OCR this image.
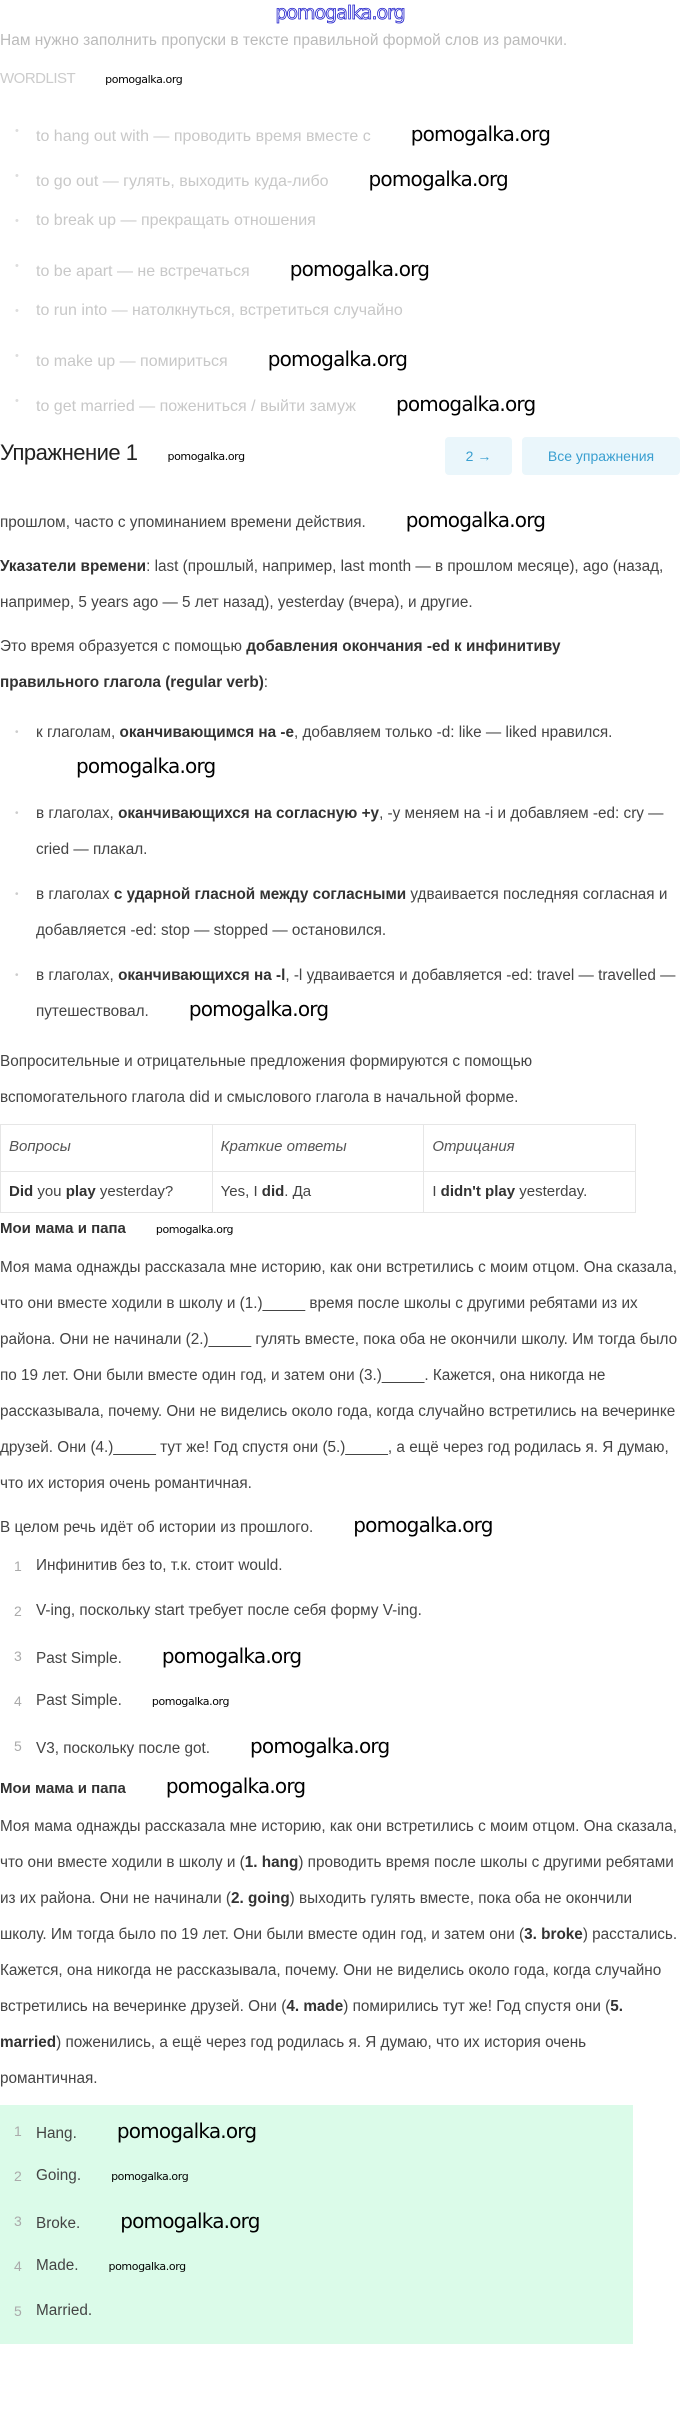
pomogalka.org
Нам нужно заполнить пропуски в тексте правильной формой слов из рамочки.
WORDLIST	pomogalka.org
• to hang out with — проводить время вместе с pomogalka.org
• to go out — гулять, выходить куда-либо pomogalka.org
• to break up — прекращать отношения
• to be apart — не встречаться pomogalka.org
• to run into — натолкнуться, встретиться случайно
• to make up — помириться pomogalka.org
• to get married — пожениться / выйти замуж pomogalka.org
Упражнение 1	pomogalka.org	2 →	Все упражнения

прошлом, часто с упоминанием времени действия. pomogalka.org

Указатели времени: last (прошлый, например, last month — в прошлом месяце), ago (назад, например, 5 years ago — 5 лет назад), yesterday (вчера), и другие.

Это время образуется с помощью добавления окончания -ed к инфинитиву правильного глагола (regular verb):

• к глаголам, оканчивающимся на -e, добавляем только -d: like — liked нравился.pomogalka.org
• в глаголах, оканчивающихся на согласную +y, -y меняем на -i и добавляем -ed: cry — cried — плакал.
• в глаголах с ударной гласной между согласными удваивается последняя согласная и добавляется -ed: stop — stopped — остановился.
• в глаголах, оканчивающихся на -l, -l удваивается и добавляется -ed: travel — travelled —путешествовал. pomogalka.org

Вопросительные и отрицательные предложения формируются с помощью вспомогательного глагола did и смыслового глагола в начальной форме.

Вопросы	Краткие ответы	Отрицания
Did you play yesterday?	Yes, I did. Да	I didn't play yesterday.
Мои мама и папа	pomogalka.org

Моя мама однажды рассказала мне историю, как они встретились с моим отцом. Она сказала, что они вместе ходили в школу и (1.)_____ время после школы с другими ребятами из их района. Они не начинали (2.)_____ гулять вместе, пока оба не окончили школу. Им тогда было по 19 лет. Они были вместе один год, и затем они (3.)_____. Кажется, она никогда не рассказывала, почему. Они не виделись около года, когда случайно встретились на вечеринке друзей. Они (4.)_____ тут же! Год спустя они (5.)_____, а ещё через год родилась я. Я думаю, что их история очень романтичная.

В целом речь идёт об истории из прошлого. pomogalka.org

1 Инфинитив без to, т.к. стоит would.
2 V-ing, поскольку start требует после себя форму V-ing.
3 Past Simple. pomogalka.org
4 Past Simple.	pomogalka.org
5 V3, поскольку после got. pomogalka.org
Мои мама и папа pomogalka.org

Моя мама однажды рассказала мне историю, как они встретились с моим отцом. Она сказала, что они вместе ходили в школу и (1. hang) проводить время после школы с другими ребятами из их района. Они не начинали (2. going) выходить гулять вместе, пока оба не окончили школу. Им тогда было по 19 лет. Они были вместе один год, и затем они (3. broke) расстались. Кажется, она никогда не рассказывала, почему. Они не виделись около года, когда случайно встретились на вечеринке друзей. Они (4. made) помирились тут же! Год спустя они (5. married) поженились, а ещё через год родилась я. Я думаю, что их история очень романтичная.

1 Hang. pomogalka.org
2 Going.	pomogalka.org
3 Broke. pomogalka.org
4 Made.	pomogalka.org
5 Married.
